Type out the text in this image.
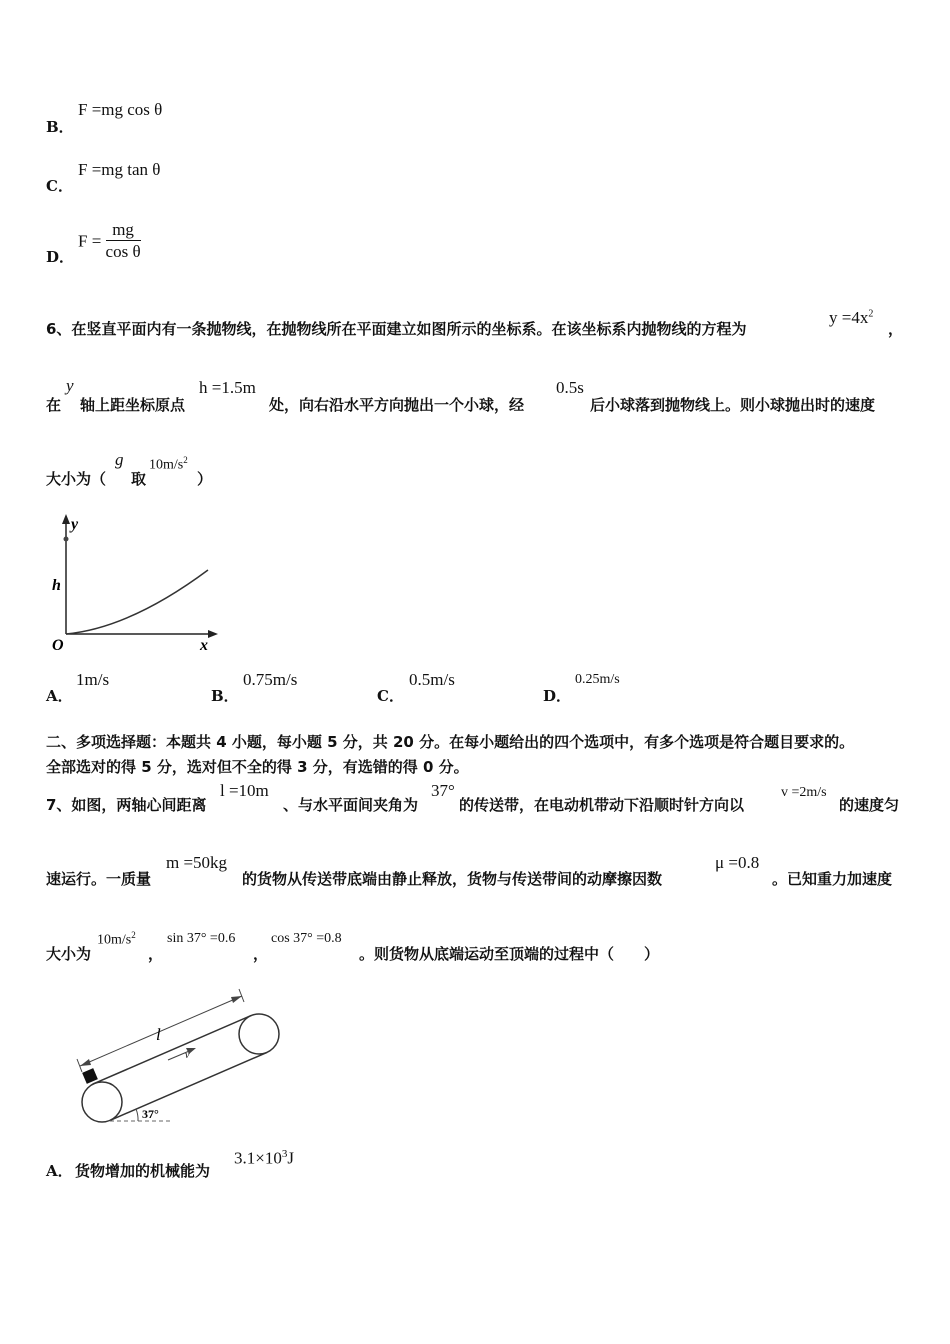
B．
F =mg cos θ
C．
F =mg tan θ
D．
$F = \frac{mg}{\text{cos θ}}$
6、在竖直平面内有一条抛物线，在抛物线所在平面建立如图所示的坐标系。在该坐标系内抛物线的方程为
$y =4x^2$
，
在
y
轴上距坐标原点
h =1.5m
处，向右沿水平方向抛出一个小球，经
0.5s
后小球落到抛物线上。则小球抛出时的速度
大小为（
g
取
$10m/s^2$
）
y
h
O	x
A．
1m/s
B．
0.75m/s
C．
0.5m/s
D．
0.25m/s
二、多项选择题：本题共 4 小题，每小题 5 分，共 20 分。在每小题给出的四个选项中，有多个选项是符合题目要求的。
全部选对的得 5 分，选对但不全的得 3 分，有选错的得 0 分。
7、如图，两轴心间距离
l =10m
、与水平面间夹角为
37°
的传送带，在电动机带动下沿顺时针方向以
v =2m/s
的速度匀
速运行。一质量
m =50kg
的货物从传送带底端由静止释放，货物与传送带间的动摩擦因数
μ =0.8
。已知重力加速度
大小为
$10m/s^2$
，
sin 37° =0.6
，
cos 37° =0.8
。则货物从底端运动至顶端的过程中（　　）
l
v
37°
A． 货物增加的机械能为
$3.1\times 10^3J$
